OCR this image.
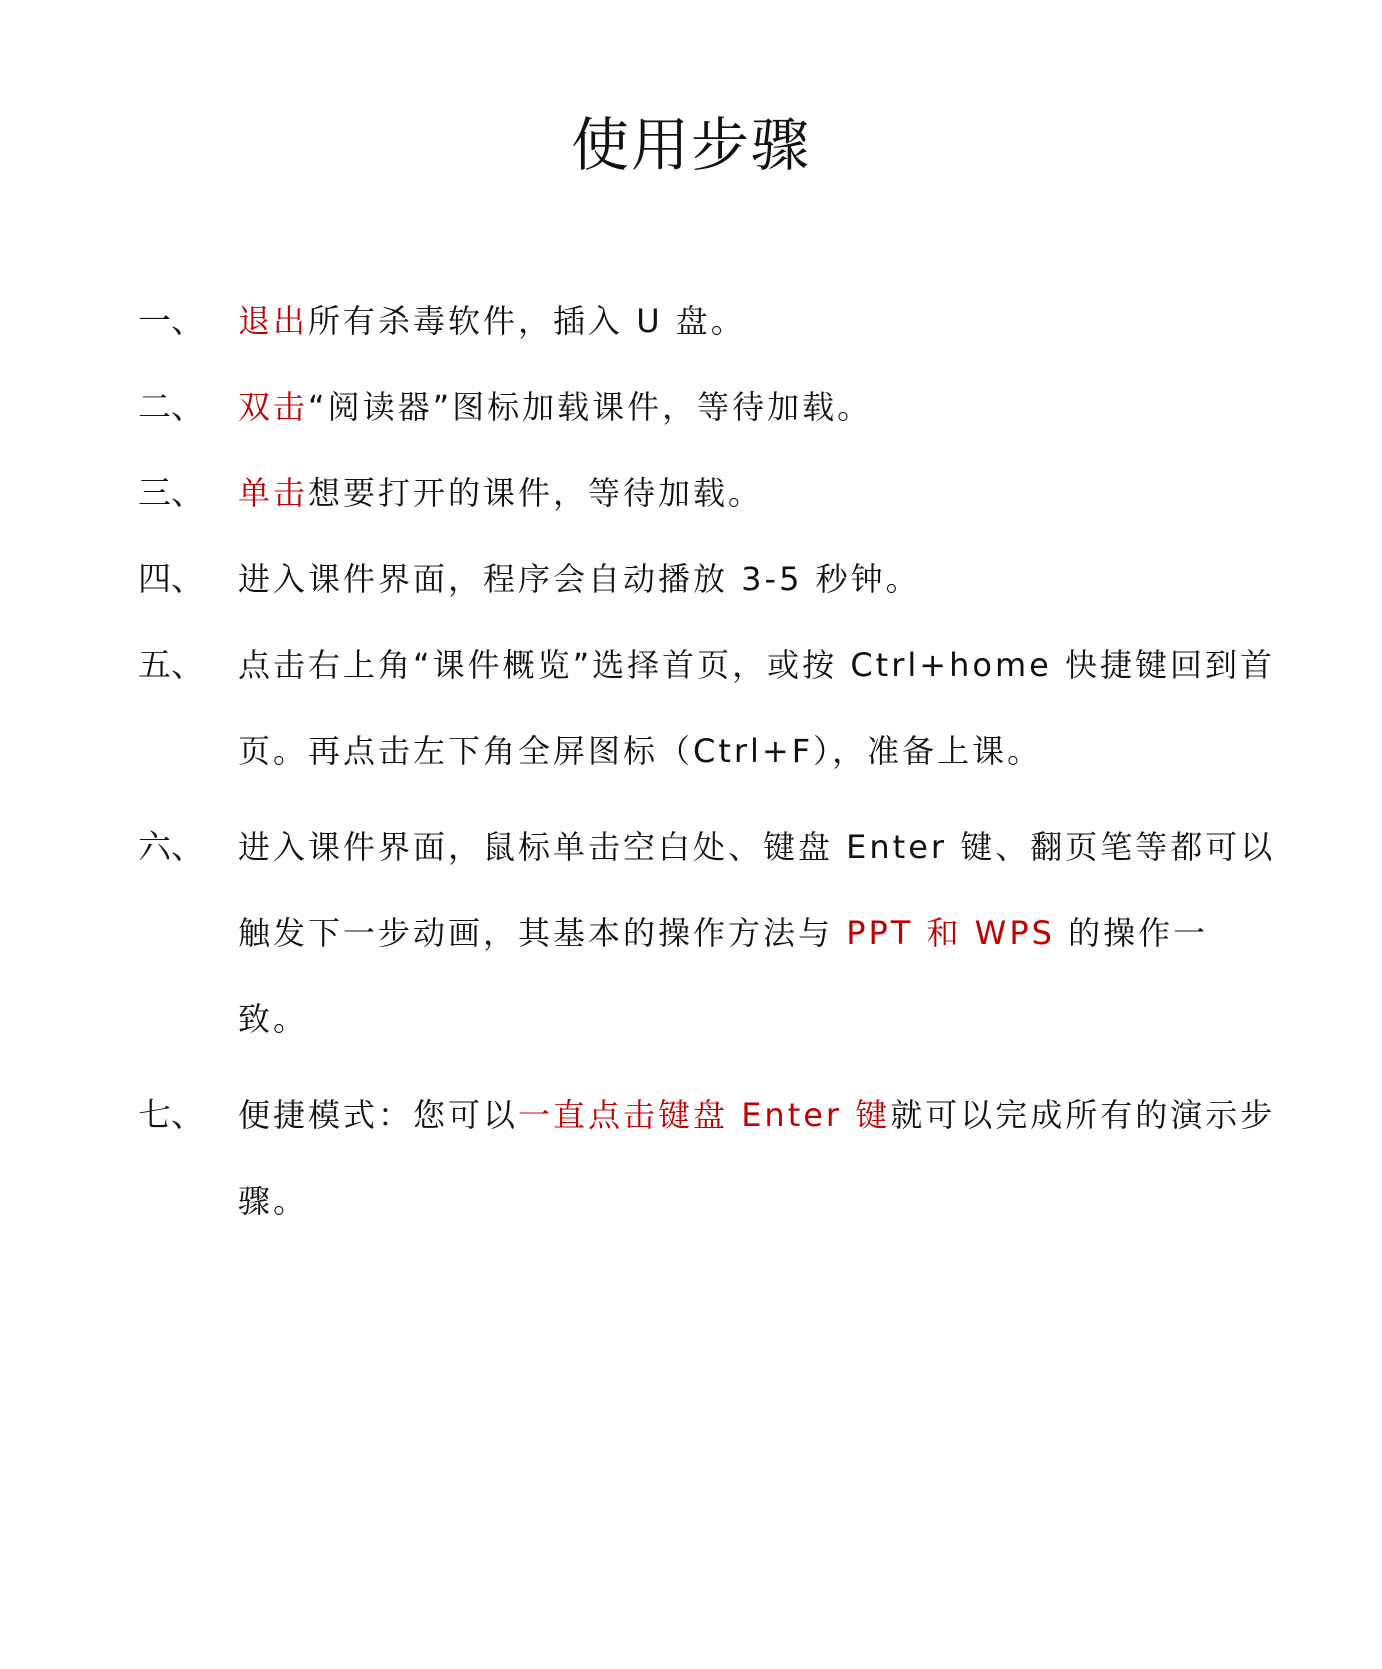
使用步骤
一、	退出所有杀毒软件，插入 U 盘。
二、	双击“阅读器”图标加载课件，等待加载。
三、	单击想要打开的课件，等待加载。
四、	进入课件界面，程序会自动播放 3-5 秒钟。
五、	点击右上角“课件概览”选择首页，或按 Ctrl+home 快捷键回到首页。再点击左下角全屏图标（Ctrl+F），准备上课。
六、	进入课件界面，鼠标单击空白处、键盘 Enter 键、翻页笔等都可以触发下一步动画，其基本的操作方法与 PPT 和 WPS 的操作一致。
七、	便捷模式：您可以一直点击键盘 Enter 键就可以完成所有的演示步骤。
